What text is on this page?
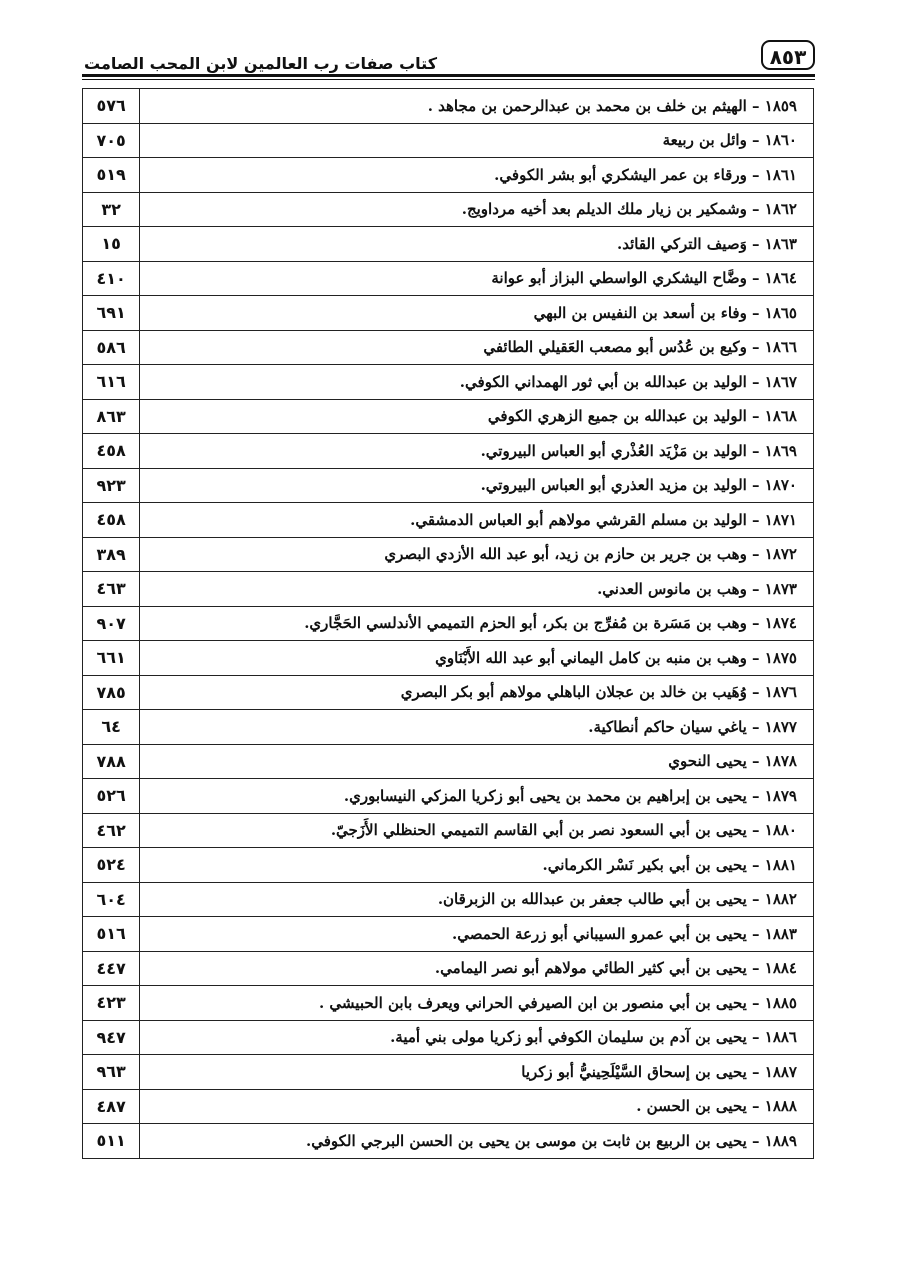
٨٥٣
كتاب صفات رب العالمين لابن المحب الصامت
٥٧٦	١٨٥٩ – الهيثم بن خلف بن محمد بن عبدالرحمن بن مجاهد .
٧٠٥	١٨٦٠ – وائل بن ربيعة
٥١٩	١٨٦١ – ورقاء بن عمر اليشكري أبو بشر الكوفي.
٣٢	١٨٦٢ – وشمكير بن زيار ملك الديلم بعد أخيه مرداويج.
١٥	١٨٦٣ – وَصيف التركي القائد.
٤١٠	١٨٦٤ – وضَّاح اليشكري الواسطي البزاز أبو عوانة
٦٩١	١٨٦٥ – وفاء بن أسعد بن النفيس بن البهي
٥٨٦	١٨٦٦ – وكيع بن عُدُس أبو مصعب العَقيلي الطائفي
٦١٦	١٨٦٧ – الوليد بن عبدالله بن أبي ثور الهمداني الكوفي.
٨٦٣	١٨٦٨ – الوليد بن عبدالله بن جميع الزهري الكوفي
٤٥٨	١٨٦٩ – الوليد بن مَزْيَد العُذْري أبو العباس البيروتي.
٩٢٣	١٨٧٠ – الوليد بن مزيد العذري أبو العباس البيروتي.
٤٥٨	١٨٧١ – الوليد بن مسلم القرشي مولاهم أبو العباس الدمشقي.
٣٨٩	١٨٧٢ – وهب بن جرير بن حازم بن زيد، أبو عبد الله الأزدي البصري
٤٦٣	١٨٧٣ – وهب بن مانوس العدني.
٩٠٧	١٨٧٤ – وهب بن مَسَرة بن مُفرِّج بن بكر، أبو الحزم التميمي الأندلسي الحَجَّاري.
٦٦١	١٨٧٥ – وهب بن منبه بن كامل اليماني أبو عبد الله الأَبْنَاوي
٧٨٥	١٨٧٦ – وُهَيب بن خالد بن عجلان الباهلي مولاهم أبو بكر البصري
٦٤	١٨٧٧ – ياغي سيان حاكم أنطاكية.
٧٨٨	١٨٧٨ – يحيى النحوي
٥٢٦	١٨٧٩ – يحيى بن إبراهيم بن محمد بن يحيى أبو زكريا المزكي النيسابوري.
٤٦٢	١٨٨٠ – يحيى بن أبي السعود نصر بن أبي القاسم التميمي الحنظلي الأَزَجيّ.
٥٢٤	١٨٨١ – يحيى بن أبي بكير نَسْر الكرماني.
٦٠٤	١٨٨٢ – يحيى بن أبي طالب جعفر بن عبدالله بن الزبرقان.
٥١٦	١٨٨٣ – يحيى بن أبي عمرو السيباني أبو زرعة الحمصي.
٤٤٧	١٨٨٤ – يحيى بن أبي كثير الطائي مولاهم أبو نصر اليمامي.
٤٢٣	١٨٨٥ – يحيى بن أبي منصور بن ابن الصيرفي الحراني ويعرف بابن الحبيشي .
٩٤٧	١٨٨٦ – يحيى بن آدم بن سليمان الكوفي أبو زكريا مولى بني أمية.
٩٦٣	١٨٨٧ – يحيى بن إسحاق السَّيْلَحِينيُّ أبو زكريا
٤٨٧	١٨٨٨ – يحيى بن الحسن .
٥١١	١٨٨٩ – يحيى بن الربيع بن ثابت بن موسى بن يحيى بن الحسن البرجي الكوفي.
